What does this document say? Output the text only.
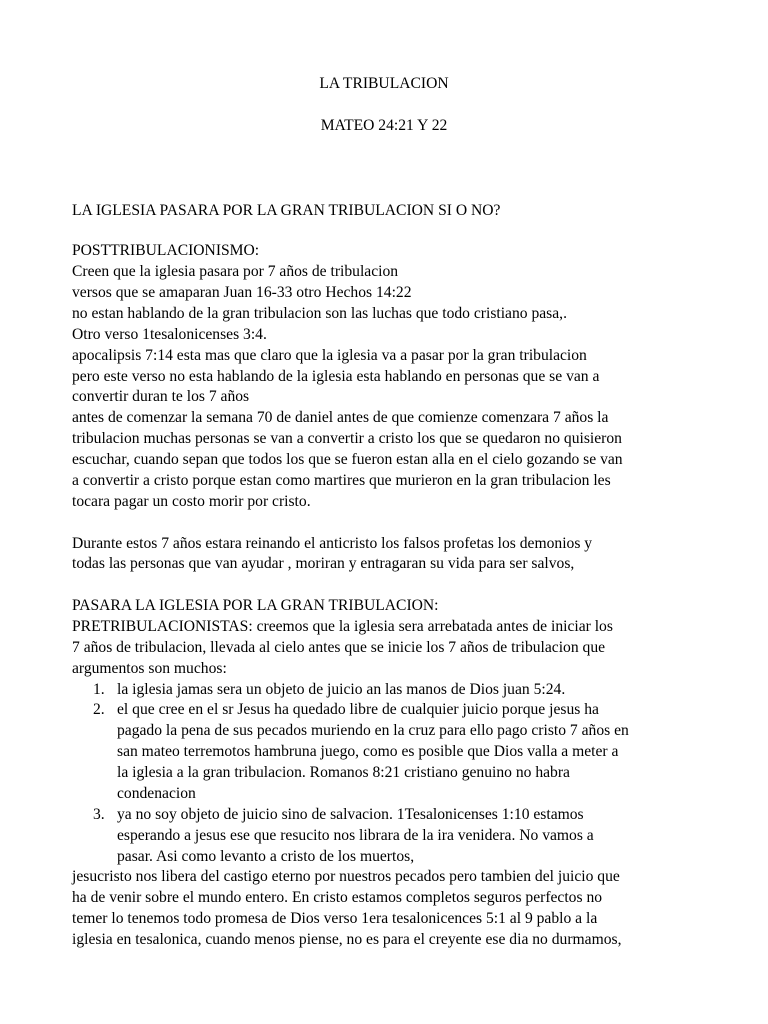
LA TRIBULACION

MATEO 24:21 Y 22

LA IGLESIA PASARA POR LA GRAN TRIBULACION SI O NO?

POSTTRIBULACIONISMO:

Creen que la iglesia pasara por 7 años de tribulacion

versos que se amaparan Juan 16-33 otro Hechos 14:22

no estan hablando de la gran tribulacion son las luchas que todo cristiano pasa,.

Otro verso 1tesalonicenses 3:4.

apocalipsis 7:14 esta mas que claro que la iglesia va a pasar por la gran tribulacion

pero este verso no esta hablando de la iglesia esta hablando en personas que se van a

convertir duran te los 7 años

antes de comenzar la semana 70 de daniel antes de que comienze comenzara 7 años la

tribulacion muchas personas se van a convertir a cristo los que se quedaron no quisieron

escuchar, cuando sepan que todos los que se fueron estan alla en el cielo gozando se van

a convertir a cristo porque estan como martires que murieron en la gran tribulacion les

tocara pagar un costo morir por cristo.

Durante estos 7 años estara reinando el anticristo los falsos profetas los demonios y

todas las personas que van ayudar , moriran y entragaran su vida para ser salvos,

PASARA LA IGLESIA POR LA GRAN TRIBULACION:

PRETRIBULACIONISTAS: creemos que la iglesia sera arrebatada antes de iniciar los

7 años de tribulacion, llevada al cielo antes que se inicie los 7 años de tribulacion que

argumentos son muchos:

1. la iglesia jamas sera un objeto de juicio an las manos de Dios juan 5:24.

2. el que cree en el sr Jesus ha quedado libre de cualquier juicio porque jesus ha

pagado la pena de sus pecados muriendo en la cruz para ello pago cristo 7 años en

san mateo terremotos hambruna juego, como es posible que Dios valla a meter a

la iglesia a la gran tribulacion. Romanos 8:21 cristiano genuino no habra

condenacion

3. ya no soy objeto de juicio sino de salvacion. 1Tesalonicenses 1:10 estamos

esperando a jesus ese que resucito nos librara de la ira venidera. No vamos a

pasar. Asi como levanto a cristo de los muertos,

jesucristo nos libera del castigo eterno por nuestros pecados pero tambien del juicio que

ha de venir sobre el mundo entero. En cristo estamos completos seguros perfectos no

temer lo tenemos todo promesa de Dios verso 1era tesalonicences 5:1 al 9 pablo a la

iglesia en tesalonica, cuando menos piense, no es para el creyente ese dia no durmamos,
